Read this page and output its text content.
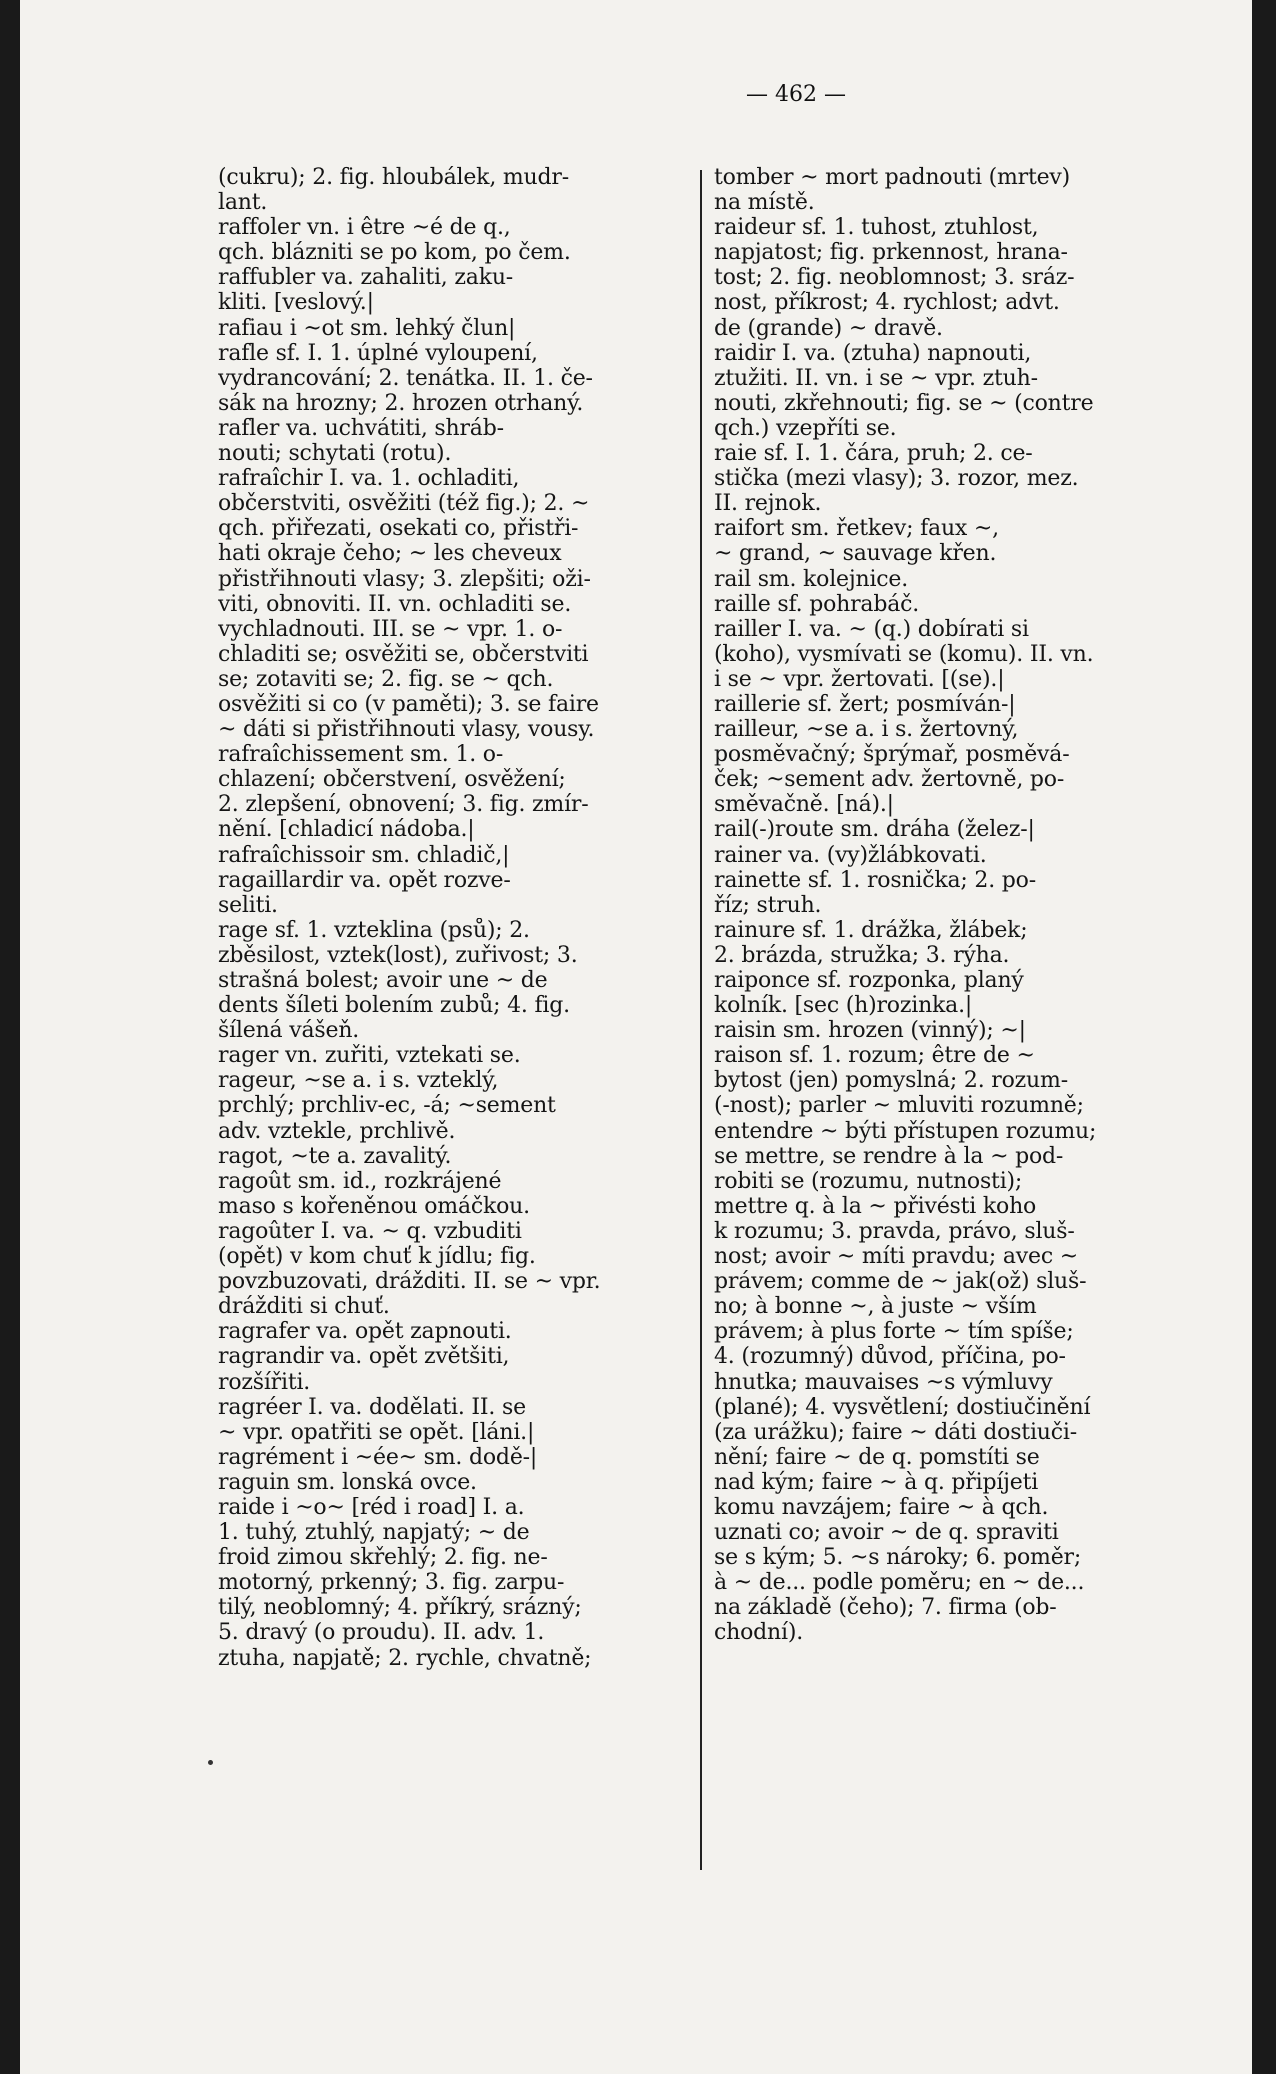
— 462 —
(cukru); 2. fig. hloubálek, mudr-
lant.
raffoler vn. i être ~é de q.,
qch. blázniti se po kom, po čem.
raffubler va. zahaliti, zaku-
kliti. [veslový.|
rafiau i ~ot sm. lehký člun|
rafle sf. I. 1. úplné vyloupení,
vydrancování; 2. tenátka. II. 1. če-
sák na hrozny; 2. hrozen otrhaný.
rafler va. uchvátiti, shráb-
nouti; schytati (rotu).
rafraîchir I. va. 1. ochladiti,
občerstviti, osvěžiti (též fig.); 2. ~
qch. přiřezati, osekati co, přistři-
hati okraje čeho; ~ les cheveux
přistřihnouti vlasy; 3. zlepšiti; oži-
viti, obnoviti. II. vn. ochladiti se.
vychladnouti. III. se ~ vpr. 1. o-
chladiti se; osvěžiti se, občerstviti
se; zotaviti se; 2. fig. se ~ qch.
osvěžiti si co (v paměti); 3. se faire
~ dáti si přistřihnouti vlasy, vousy.
rafraîchissement sm. 1. o-
chlazení; občerstvení, osvěžení;
2. zlepšení, obnovení; 3. fig. zmír-
nění. [chladicí nádoba.|
rafraîchissoir sm. chladič,|
ragaillardir va. opět rozve-
seliti.
rage sf. 1. vzteklina (psů); 2.
zběsilost, vztek(lost), zuřivost; 3.
strašná bolest; avoir une ~ de
dents šíleti bolením zubů; 4. fig.
šílená vášeň.
rager vn. zuřiti, vztekati se.
rageur, ~se a. i s. vzteklý,
prchlý; prchliv-ec, -á; ~sement
adv. vztekle, prchlivě.
ragot, ~te a. zavalitý.
ragoût sm. id., rozkrájené
maso s kořeněnou omáčkou.
ragoûter I. va. ~ q. vzbuditi
(opět) v kom chuť k jídlu; fig.
povzbuzovati, drážditi. II. se ~ vpr.
drážditi si chuť.
ragrafer va. opět zapnouti.
ragrandir va. opět zvětšiti,
rozšířiti.
ragréer I. va. dodělati. II. se
~ vpr. opatřiti se opět. [láni.|
ragrément i ~ée~ sm. dodě-|
raguin sm. lonská ovce.
raide i ~o~ [réd i road] I. a.
1. tuhý, ztuhlý, napjatý; ~ de
froid zimou skřehlý; 2. fig. ne-
motorný, prkenný; 3. fig. zarpu-
tilý, neoblomný; 4. příkrý, srázný;
5. dravý (o proudu). II. adv. 1.
ztuha, napjatě; 2. rychle, chvatně;
tomber ~ mort padnouti (mrtev)
na místě.
raideur sf. 1. tuhost, ztuhlost,
napjatost; fig. prkennost, hrana-
tost; 2. fig. neoblomnost; 3. sráz-
nost, příkrost; 4. rychlost; advt.
de (grande) ~ dravě.
raidir I. va. (ztuha) napnouti,
ztužiti. II. vn. i se ~ vpr. ztuh-
nouti, zkřehnouti; fig. se ~ (contre
qch.) vzepříti se.
raie sf. I. 1. čára, pruh; 2. ce-
stička (mezi vlasy); 3. rozor, mez.
II. rejnok.
raifort sm. řetkev; faux ~,
~ grand, ~ sauvage křen.
rail sm. kolejnice.
raille sf. pohrabáč.
railler I. va. ~ (q.) dobírati si
(koho), vysmívati se (komu). II. vn.
i se ~ vpr. žertovati. [(se).|
raillerie sf. žert; posmíván-|
railleur, ~se a. i s. žertovný,
posměvačný; šprýmař, posměvá-
ček; ~sement adv. žertovně, po-
směvačně. [ná).|
rail(-)route sm. dráha (želez-|
rainer va. (vy)žlábkovati.
rainette sf. 1. rosnička; 2. po-
říz; struh.
rainure sf. 1. drážka, žlábek;
2. brázda, stružka; 3. rýha.
raiponce sf. rozponka, planý
kolník. [sec (h)rozinka.|
raisin sm. hrozen (vinný); ~|
raison sf. 1. rozum; être de ~
bytost (jen) pomyslná; 2. rozum-
(-nost); parler ~ mluviti rozumně;
entendre ~ býti přístupen rozumu;
se mettre, se rendre à la ~ pod-
robiti se (rozumu, nutnosti);
mettre q. à la ~ přivésti koho
k rozumu; 3. pravda, právo, sluš-
nost; avoir ~ míti pravdu; avec ~
právem; comme de ~ jak(ož) sluš-
no; à bonne ~, à juste ~ vším
právem; à plus forte ~ tím spíše;
4. (rozumný) důvod, příčina, po-
hnutka; mauvaises ~s výmluvy
(plané); 4. vysvětlení; dostiučinění
(za urážku); faire ~ dáti dostiuči-
nění; faire ~ de q. pomstíti se
nad kým; faire ~ à q. připíjeti
komu navzájem; faire ~ à qch.
uznati co; avoir ~ de q. spraviti
se s kým; 5. ~s nároky; 6. poměr;
à ~ de... podle poměru; en ~ de...
na základě (čeho); 7. firma (ob-
chodní).
